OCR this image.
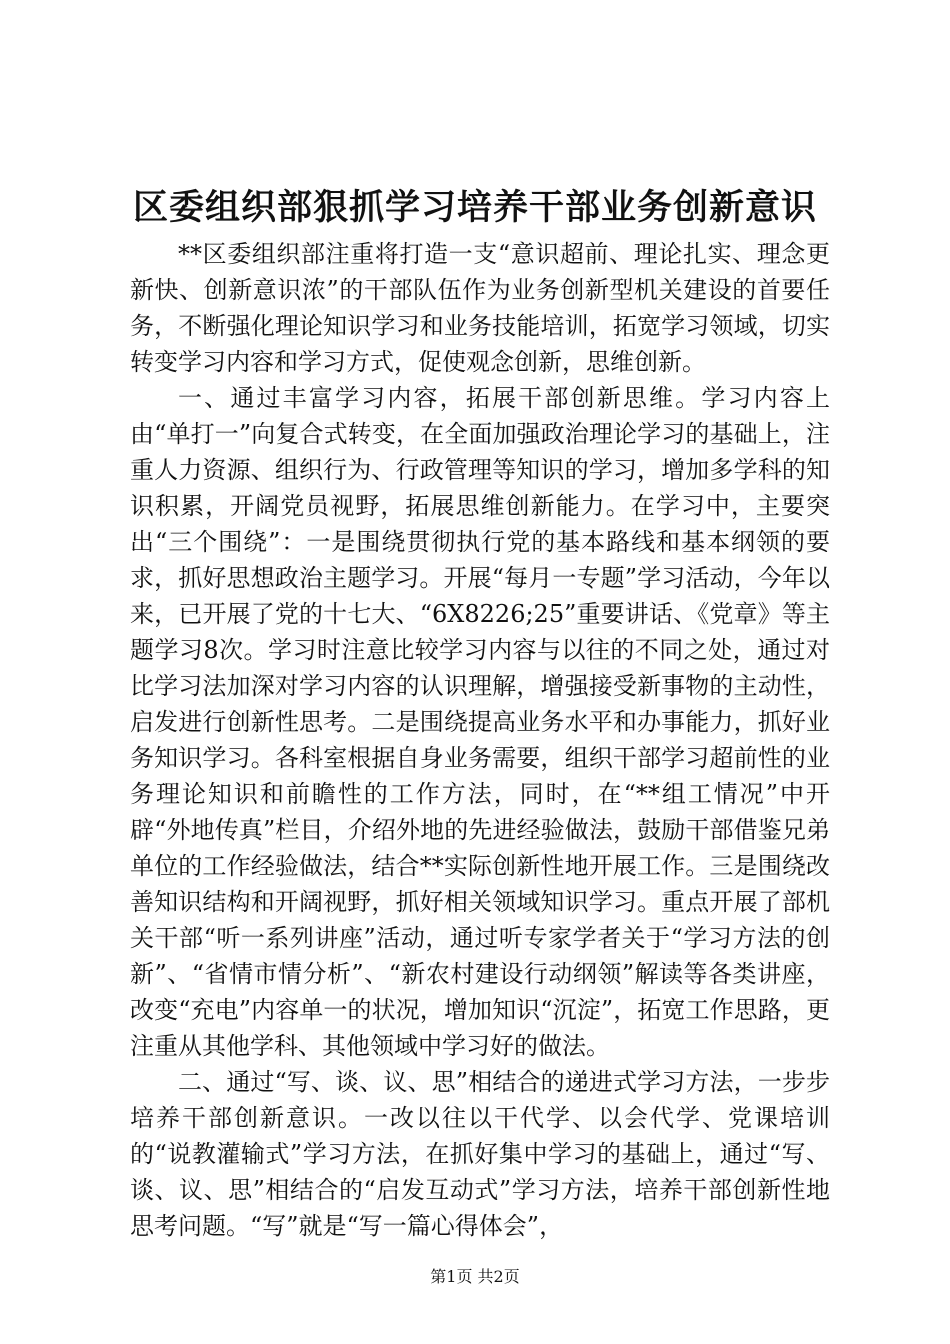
区委组织部狠抓学习培养干部业务创新意识

**区委组织部注重将打造一支“意识超前、理论扎实、理念更新快、创新意识浓”的干部队伍作为业务创新型机关建设的首要任务，不断强化理论知识学习和业务技能培训，拓宽学习领域，切实转变学习内容和学习方式，促使观念创新，思维创新。

一、通过丰富学习内容，拓展干部创新思维。学习内容上由“单打一”向复合式转变，在全面加强政治理论学习的基础上，注重人力资源、组织行为、行政管理等知识的学习，增加多学科的知识积累，开阔党员视野，拓展思维创新能力。在学习中，主要突出“三个围绕”：一是围绕贯彻执行党的基本路线和基本纲领的要求，抓好思想政治主题学习。开展“每月一专题”学习活动，今年以来，已开展了党的十七大、“6X8226;25”重要讲话、《党章》等主题学习8次。学习时注意比较学习内容与以往的不同之处，通过对比学习法加深对学习内容的认识理解，增强接受新事物的主动性，启发进行创新性思考。二是围绕提高业务水平和办事能力，抓好业务知识学习。各科室根据自身业务需要，组织干部学习超前性的业务理论知识和前瞻性的工作方法，同时，在“**组工情况”中开辟“外地传真”栏目，介绍外地的先进经验做法，鼓励干部借鉴兄弟单位的工作经验做法，结合**实际创新性地开展工作。三是围绕改善知识结构和开阔视野，抓好相关领域知识学习。重点开展了部机关干部“听一系列讲座”活动，通过听专家学者关于“学习方法的创新”、“省情市情分析”、“新农村建设行动纲领”解读等各类讲座，改变“充电”内容单一的状况，增加知识“沉淀”，拓宽工作思路，更注重从其他学科、其他领域中学习好的做法。

二、通过“写、谈、议、思”相结合的递进式学习方法，一步步培养干部创新意识。一改以往以干代学、以会代学、党课培训的“说教灌输式”学习方法，在抓好集中学习的基础上，通过“写、谈、议、思”相结合的“启发互动式”学习方法，培养干部创新性地思考问题。“写”就是“写一篇心得体会”，

第1页 共2页
